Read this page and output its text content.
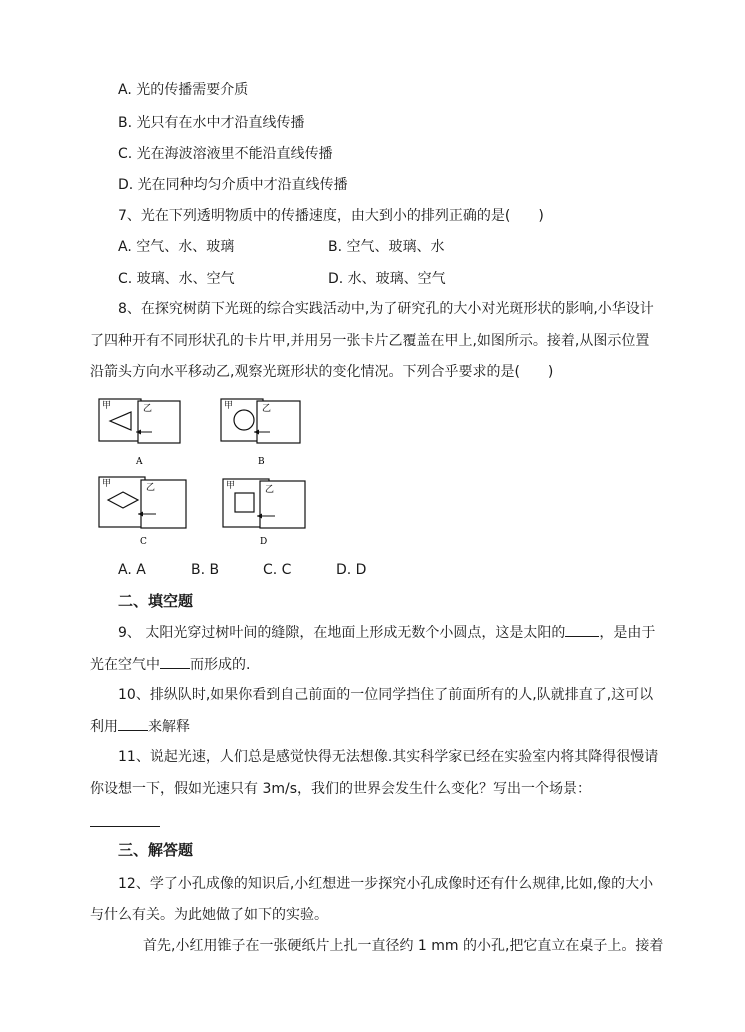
A. 光的传播需要介质
B. 光只有在水中才沿直线传播
C. 光在海波溶液里不能沿直线传播
D. 光在同种均匀介质中才沿直线传播
7、光在下列透明物质中的传播速度，由大到小的排列正确的是(　　)
A. 空气、水、玻璃	B. 空气、玻璃、水
C. 玻璃、水、空气	D. 水、玻璃、空气
8、在探究树荫下光斑的综合实践活动中,为了研究孔的大小对光斑形状的影响,小华设计
了四种开有不同形状孔的卡片甲,并用另一张卡片乙覆盖在甲上,如图所示。接着,从图示位置
沿箭头方向水平移动乙,观察光斑形状的变化情况。下列合乎要求的是(　　)
甲	乙
A
甲	乙
B
甲	乙
C
甲	乙
D
A. A	B. B	C. C	D. D
二、填空题
9、 太阳光穿过树叶间的缝隙，在地面上形成无数个小圆点，这是太阳的 ，是由于
光在空气中 而形成的.
10、排纵队时,如果你看到自己前面的一位同学挡住了前面所有的人,队就排直了,这可以
利用 来解释
11、说起光速，人们总是感觉快得无法想像.其实科学家已经在实验室内将其降得很慢请
你设想一下，假如光速只有 3m/s，我们的世界会发生什么变化？写出一个场景：
三、解答题
12、学了小孔成像的知识后,小红想进一步探究小孔成像时还有什么规律,比如,像的大小
与什么有关。为此她做了如下的实验。
首先,小红用锥子在一张硬纸片上扎一直径约 1 mm 的小孔,把它直立在桌子上。接着
